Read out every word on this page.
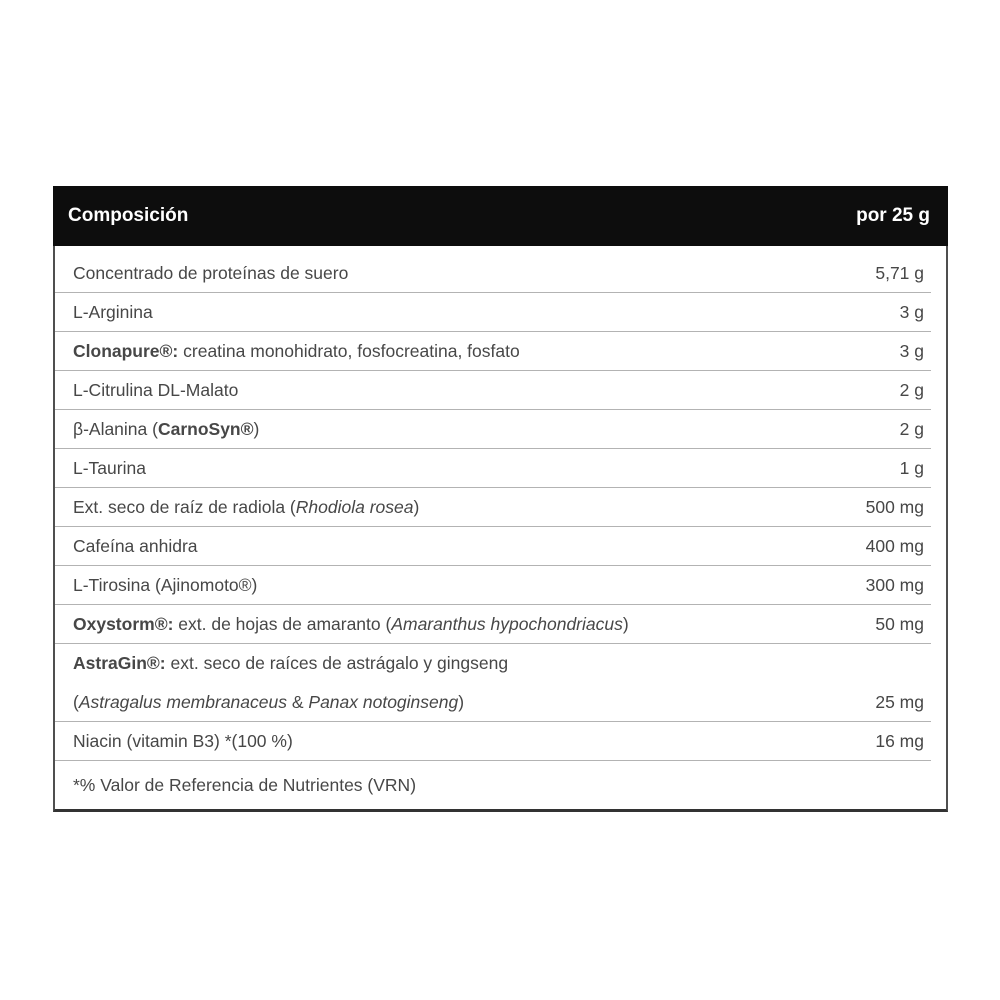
Composición	por 25 g
Concentrado de proteínas de suero	5,71 g
L-Arginina	3 g
Clonapure®: creatina monohidrato, fosfocreatina, fosfato	3 g
L-Citrulina DL-Malato	2 g
β-Alanina (CarnoSyn®)	2 g
L-Taurina	1 g
Ext. seco de raíz de radiola (Rhodiola rosea)	500 mg
Cafeína anhidra	400 mg
L-Tirosina (Ajinomoto®)	300 mg
Oxystorm®: ext. de hojas de amaranto (Amaranthus hypochondriacus)	50 mg
AstraGin®: ext. seco de raíces de astrágalo y gingseng
(Astragalus membranaceus & Panax notoginseng)	25 mg
Niacin (vitamin B3) *(100 %)	16 mg
*% Valor de Referencia de Nutrientes (VRN)
